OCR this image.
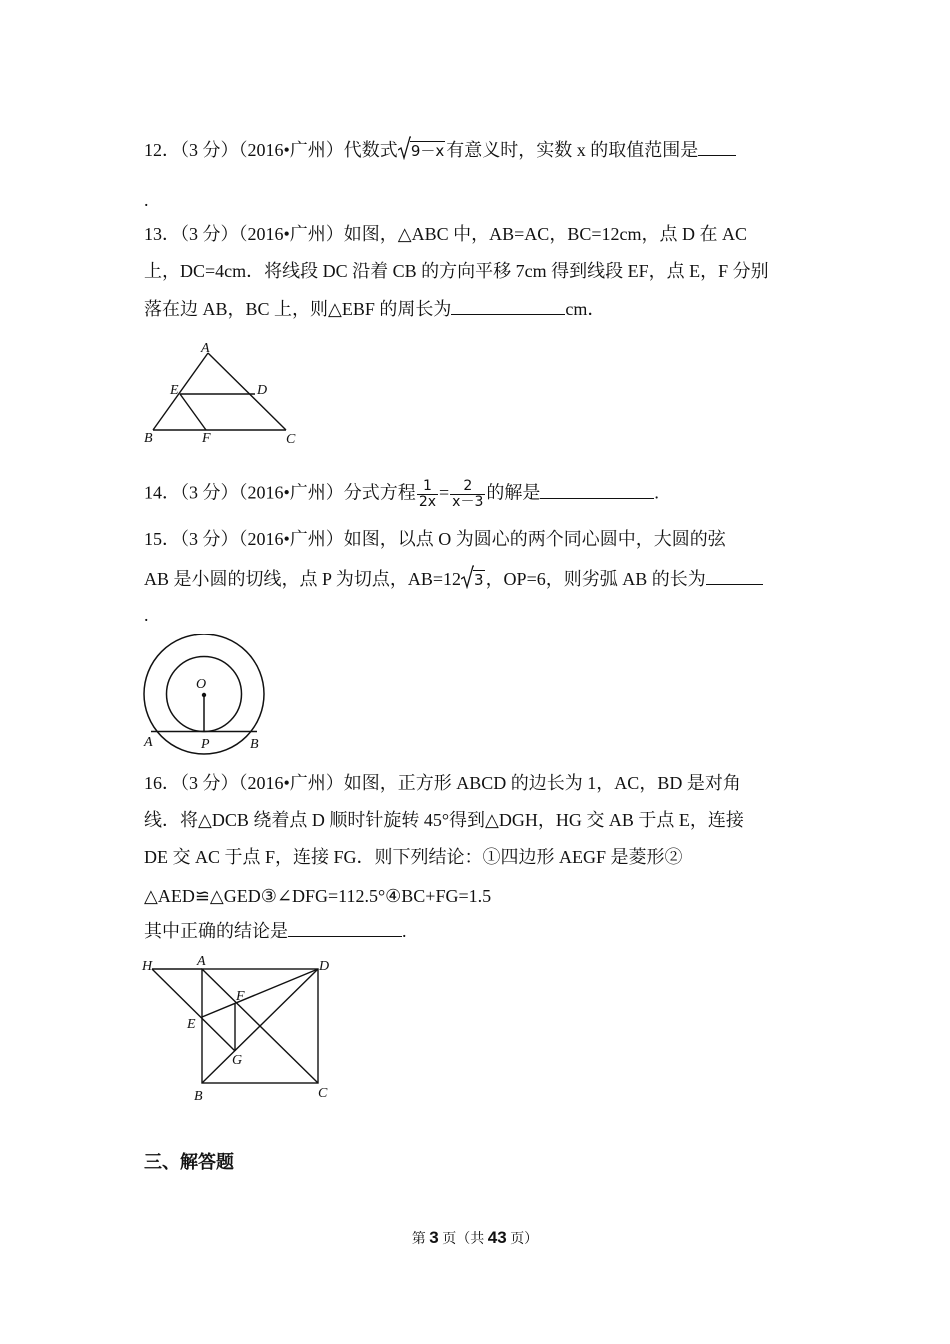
12．（3 分）（2016•广州）代数式 9－x 有意义时，实数 x 的取值范围是
.
13．（3 分）（2016•广州）如图，△ABC 中，AB=AC，BC=12cm，点 D 在 AC
上，DC=4cm．将线段 DC 沿着 CB 的方向平移 7cm 得到线段 EF，点 E，F 分别
落在边 AB，BC 上，则△EBF 的周长为	cm．
A
E	D
B	F	C
14．（3 分）（2016•广州）分式方程 $\frac{1}{2x} = \frac{2}{x-3}$ 的解是	.
15．（3 分）（2016•广州）如图，以点 O 为圆心的两个同心圆中，大圆的弦
AB 是小圆的切线，点 P 为切点，AB=12 3 ，OP=6，则劣弧 AB 的长为
.
O
A	P	B
16．（3 分）（2016•广州）如图，正方形 ABCD 的边长为 1，AC，BD 是对角
线．将△DCB 绕着点 D 顺时针旋转 45°得到△DGH，HG 交 AB 于点 E，连接
DE 交 AC 于点 F，连接 FG．则下列结论：①四边形 AEGF 是菱形②
△AED≌△GED③∠DFG=112.5°④BC+FG=1.5
其中正确的结论是	.
H	A	D
F
E
G
B	C
三、解答题
第 3 页（共 43 页）
